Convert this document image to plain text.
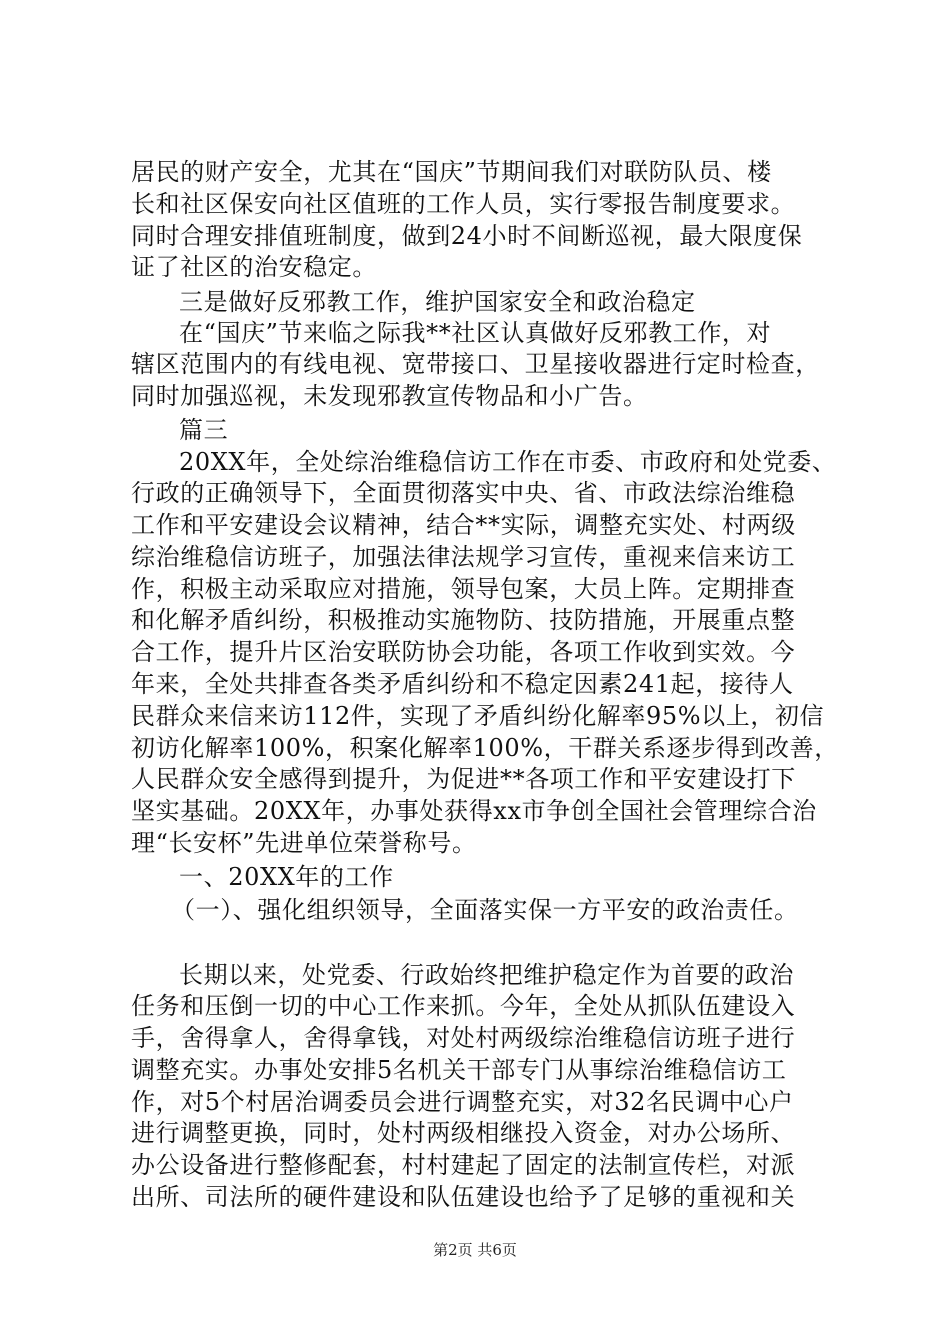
居民的财产安全，尤其在“国庆”节期间我们对联防队员、楼
长和社区保安向社区值班的工作人员，实行零报告制度要求。
同时合理安排值班制度，做到24小时不间断巡视，最大限度保
证了社区的治安稳定。
三是做好反邪教工作，维护国家安全和政治稳定
在“国庆”节来临之际我**社区认真做好反邪教工作，对
辖区范围内的有线电视、宽带接口、卫星接收器进行定时检查，
同时加强巡视，未发现邪教宣传物品和小广告。
篇三
20XX年，全处综治维稳信访工作在市委、市政府和处党委、
行政的正确领导下，全面贯彻落实中央、省、市政法综治维稳
工作和平安建设会议精神，结合**实际，调整充实处、村两级
综治维稳信访班子，加强法律法规学习宣传，重视来信来访工
作，积极主动采取应对措施，领导包案，大员上阵。定期排查
和化解矛盾纠纷，积极推动实施物防、技防措施，开展重点整
合工作，提升片区治安联防协会功能，各项工作收到实效。今
年来，全处共排查各类矛盾纠纷和不稳定因素241起，接待人
民群众来信来访112件，实现了矛盾纠纷化解率95%以上，初信
初访化解率100%，积案化解率100%，干群关系逐步得到改善，
人民群众安全感得到提升，为促进**各项工作和平安建设打下
坚实基础。20XX年，办事处获得xx市争创全国社会管理综合治
理“长安杯”先进单位荣誉称号。
一、20XX年的工作
（一）、强化组织领导，全面落实保一方平安的政治责任。
长期以来，处党委、行政始终把维护稳定作为首要的政治
任务和压倒一切的中心工作来抓。今年，全处从抓队伍建设入
手，舍得拿人，舍得拿钱，对处村两级综治维稳信访班子进行
调整充实。办事处安排5名机关干部专门从事综治维稳信访工
作，对5个村居治调委员会进行调整充实，对32名民调中心户
进行调整更换，同时，处村两级相继投入资金，对办公场所、
办公设备进行整修配套，村村建起了固定的法制宣传栏，对派
出所、司法所的硬件建设和队伍建设也给予了足够的重视和关
第2页 共6页
